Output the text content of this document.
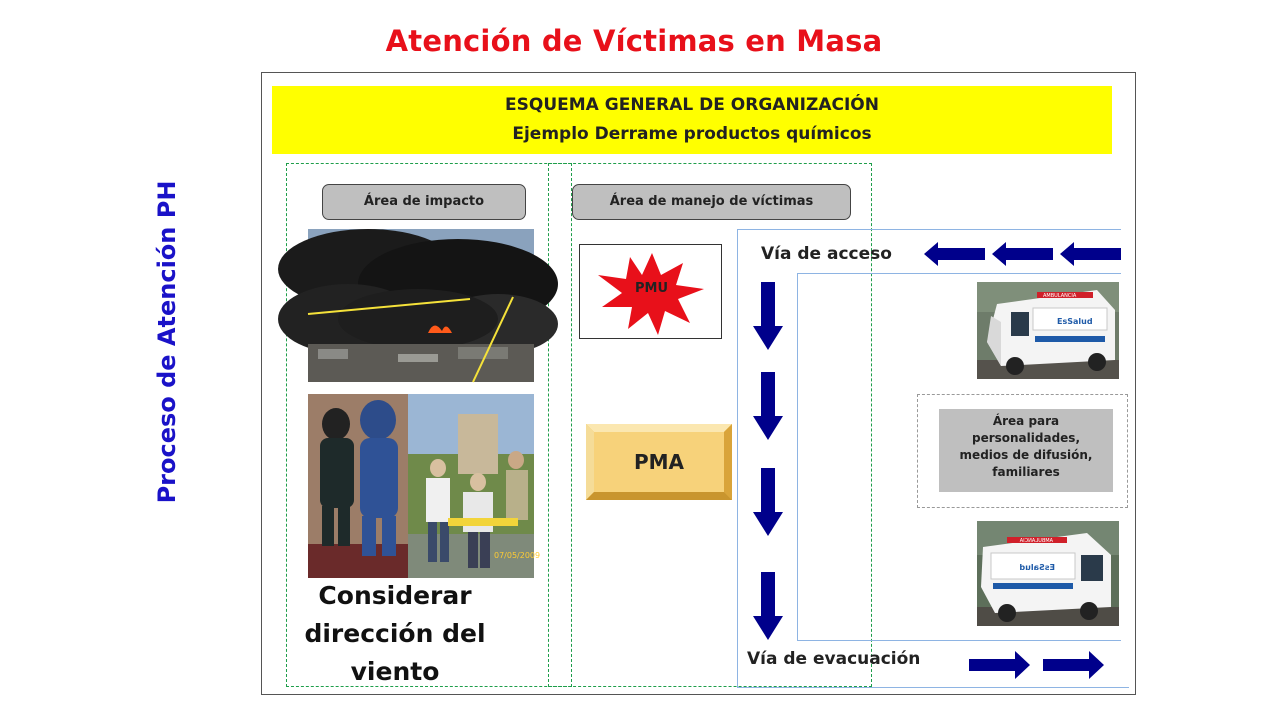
Atención de Víctimas en Masa
Proceso de Atención PH
ESQUEMA GENERAL DE ORGANIZACIÓN
Ejemplo Derrame productos químicos
Área de impacto	Área de manejo de víctimas
07/05/2009
Considerar
dirección del
viento
PMU
PMA
Vía de acceso
Vía de evacuación
AMBULANCIA
EsSalud
Área para
personalidades,
medios de difusión,
familiares
AMBULANCIA
EsSalud
